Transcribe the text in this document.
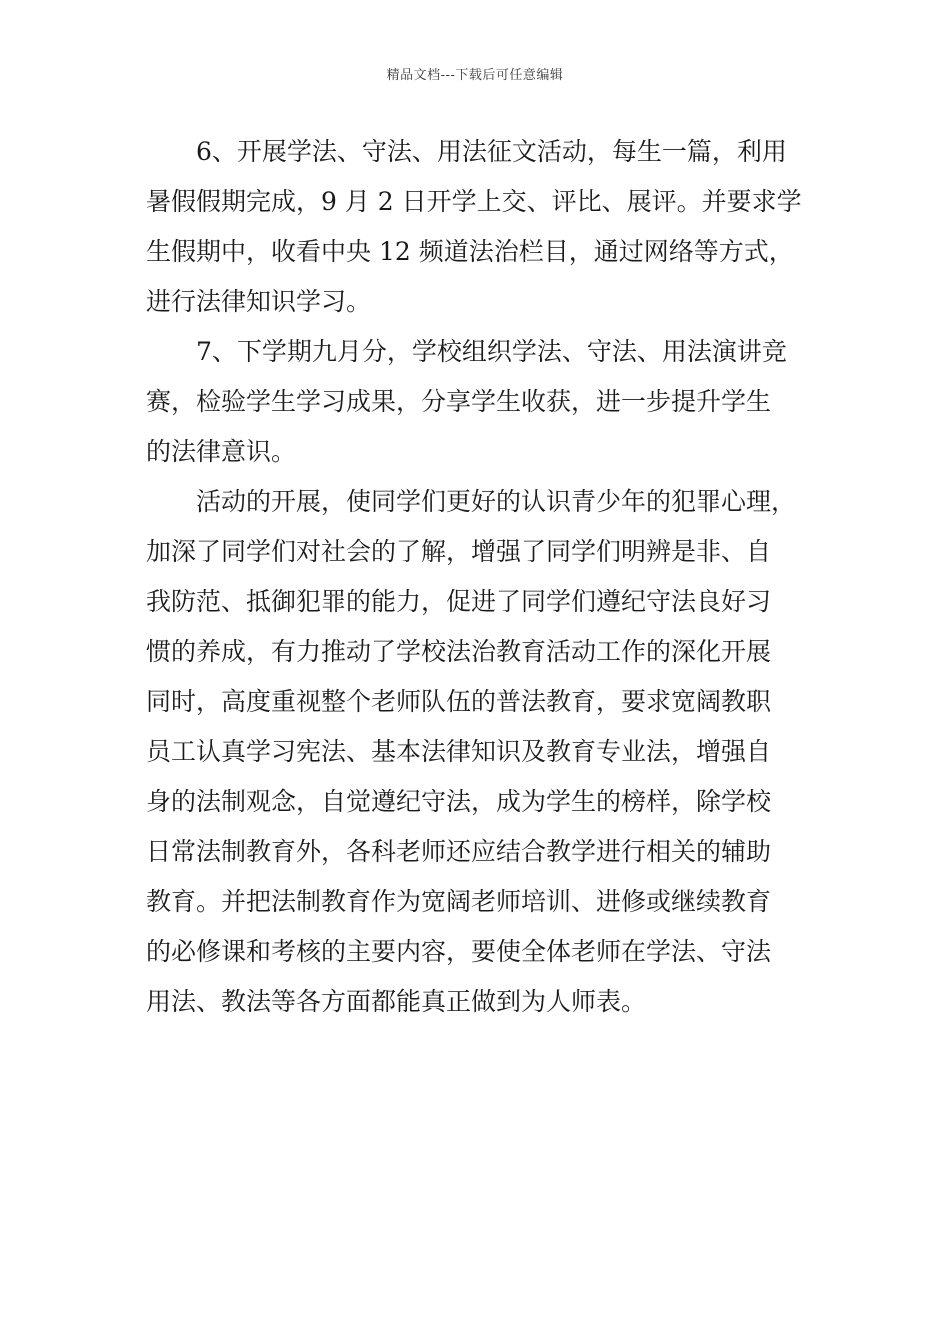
精品文档---下载后可任意编辑
　　6、开展学法、守法、用法征文活动，每生一篇，利用
暑假假期完成，9 月 2 日开学上交、评比、展评。并要求学
生假期中，收看中央 12 频道法治栏目，通过网络等方式，
进行法律知识学习。
　　7、下学期九月分，学校组织学法、守法、用法演讲竞
赛，检验学生学习成果，分享学生收获，进一步提升学生
的法律意识。
　　活动的开展，使同学们更好的认识青少年的犯罪心理，
加深了同学们对社会的了解，增强了同学们明辨是非、自
我防范、抵御犯罪的能力，促进了同学们遵纪守法良好习
惯的养成，有力推动了学校法治教育活动工作的深化开展
同时，高度重视整个老师队伍的普法教育，要求宽阔教职
员工认真学习宪法、基本法律知识及教育专业法，增强自
身的法制观念，自觉遵纪守法，成为学生的榜样，除学校
日常法制教育外，各科老师还应结合教学进行相关的辅助
教育。并把法制教育作为宽阔老师培训、进修或继续教育
的必修课和考核的主要内容，要使全体老师在学法、守法
用法、教法等各方面都能真正做到为人师表。
